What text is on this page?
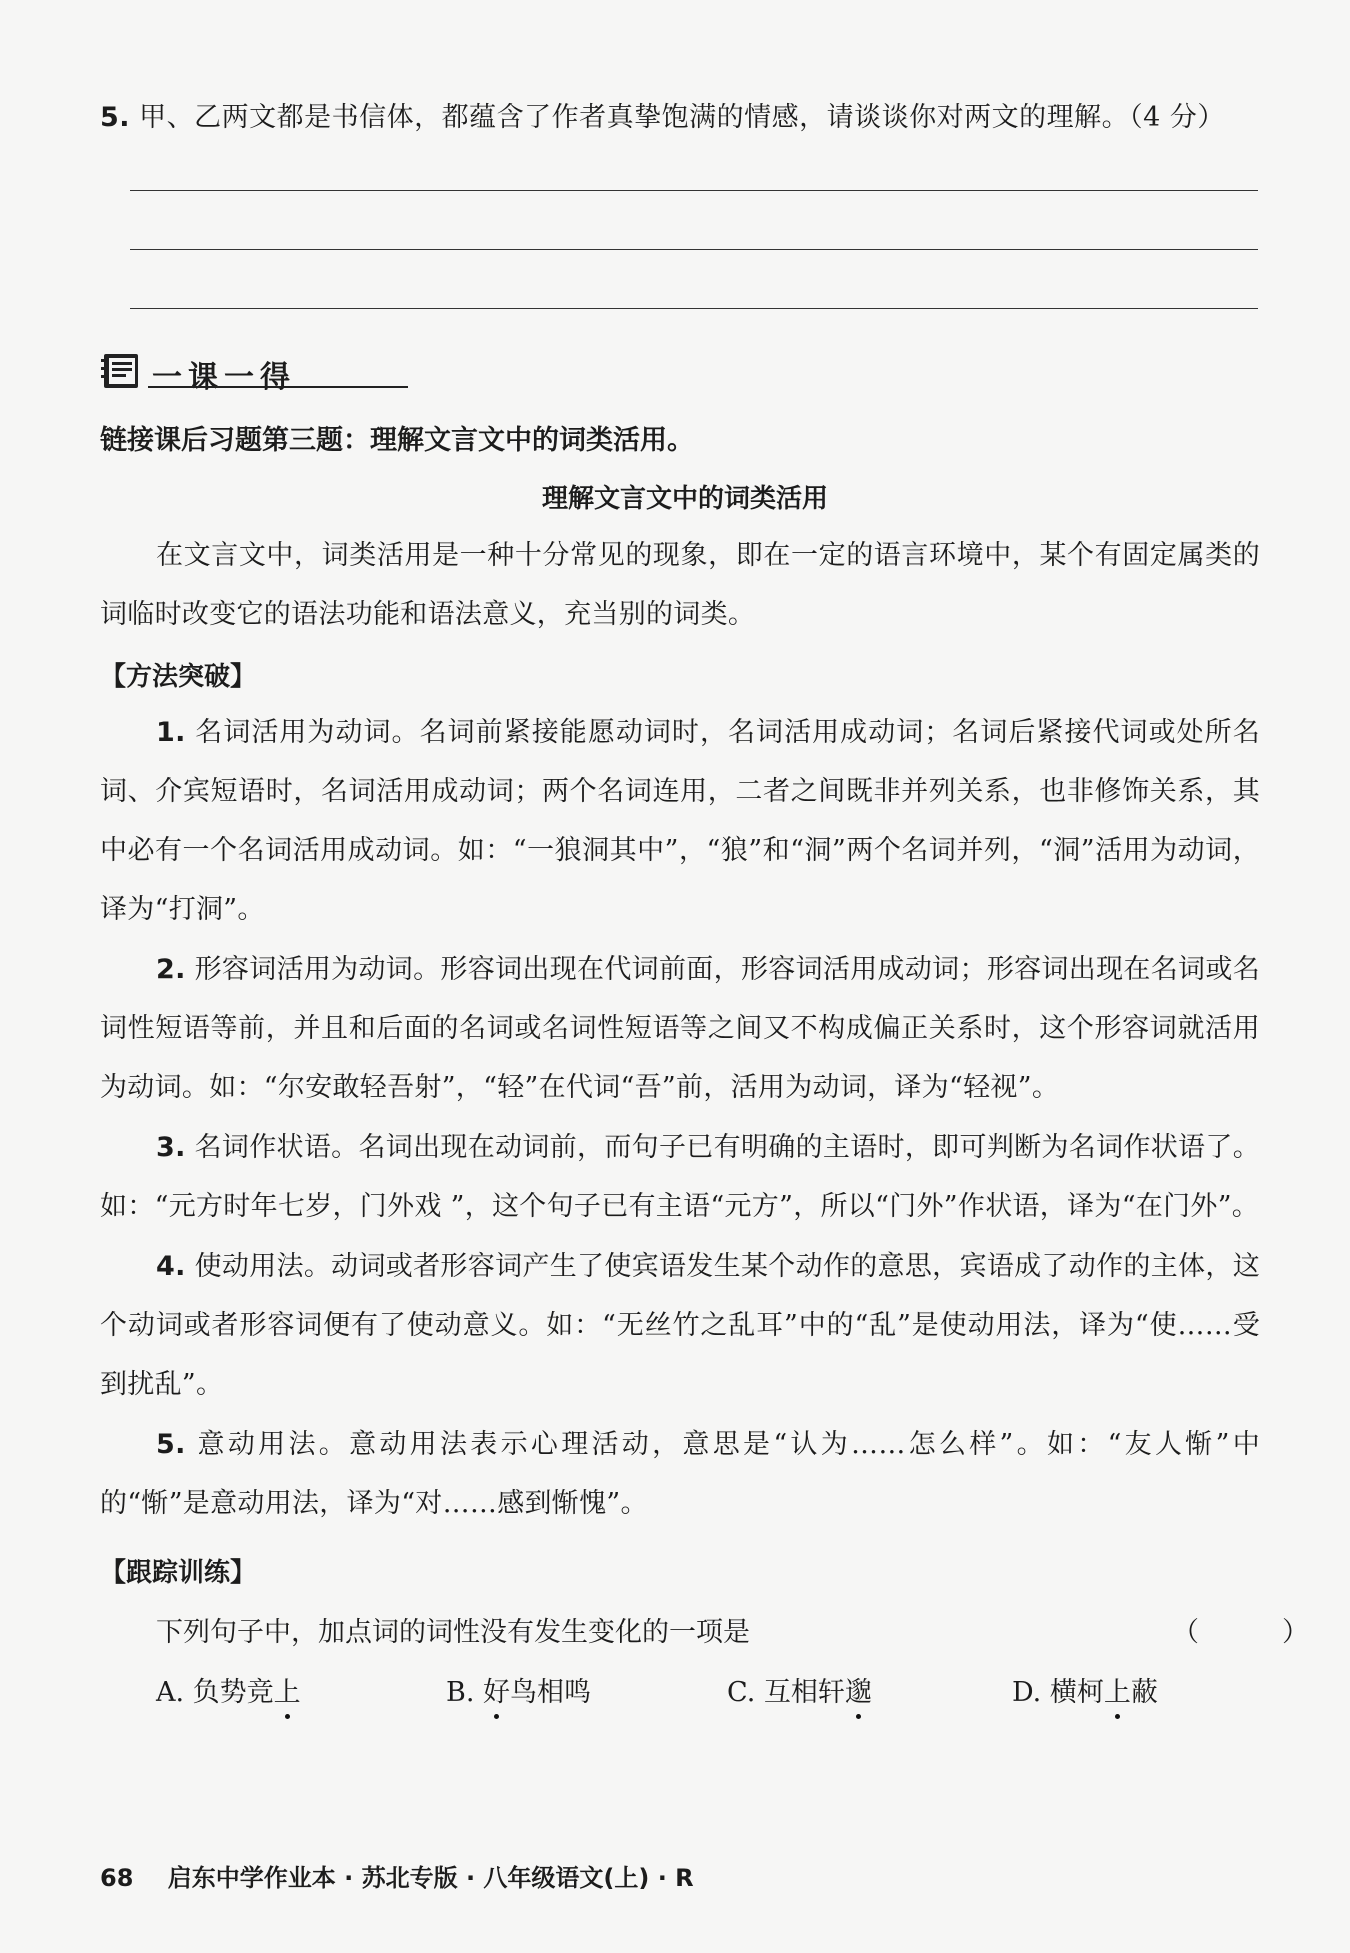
5. 甲、乙两文都是书信体，都蕴含了作者真挚饱满的情感，请谈谈你对两文的理解。（4 分）
一课一得
链接课后习题第三题：理解文言文中的词类活用。
理解文言文中的词类活用
在文言文中，词类活用是一种十分常见的现象，即在一定的语言环境中，某个有固定属类的词临时改变它的语法功能和语法意义，充当别的词类。
【方法突破】
1. 名词活用为动词。名词前紧接能愿动词时，名词活用成动词；名词后紧接代词或处所名词、介宾短语时，名词活用成动词；两个名词连用，二者之间既非并列关系，也非修饰关系，其中必有一个名词活用成动词。如：“一狼洞其中”，“狼”和“洞”两个名词并列，“洞”活用为动词，译为“打洞”。
2. 形容词活用为动词。形容词出现在代词前面，形容词活用成动词；形容词出现在名词或名词性短语等前，并且和后面的名词或名词性短语等之间又不构成偏正关系时，这个形容词就活用为动词。如：“尔安敢轻吾射”，“轻”在代词“吾”前，活用为动词，译为“轻视”。
3. 名词作状语。名词出现在动词前，而句子已有明确的主语时，即可判断为名词作状语了。如：“元方时年七岁，门外戏 ”，这个句子已有主语“元方”，所以“门外”作状语，译为“在门外”。
4. 使动用法。动词或者形容词产生了使宾语发生某个动作的意思，宾语成了动作的主体，这个动词或者形容词便有了使动意义。如：“无丝竹之乱耳”中的“乱”是使动用法，译为“使……受到扰乱”。
5. 意动用法。意动用法表示心理活动，意思是“认为……怎么样”。如：“友人惭”中的“惭”是意动用法，译为“对……感到惭愧”。
【跟踪训练】
下列句子中，加点词的词性没有发生变化的一项是	（　）
A. 负势竞上	B. 好鸟相鸣	C. 互相轩邈	D. 横柯上蔽
68 启东中学作业本 · 苏北专版 · 八年级语文(上) · R
